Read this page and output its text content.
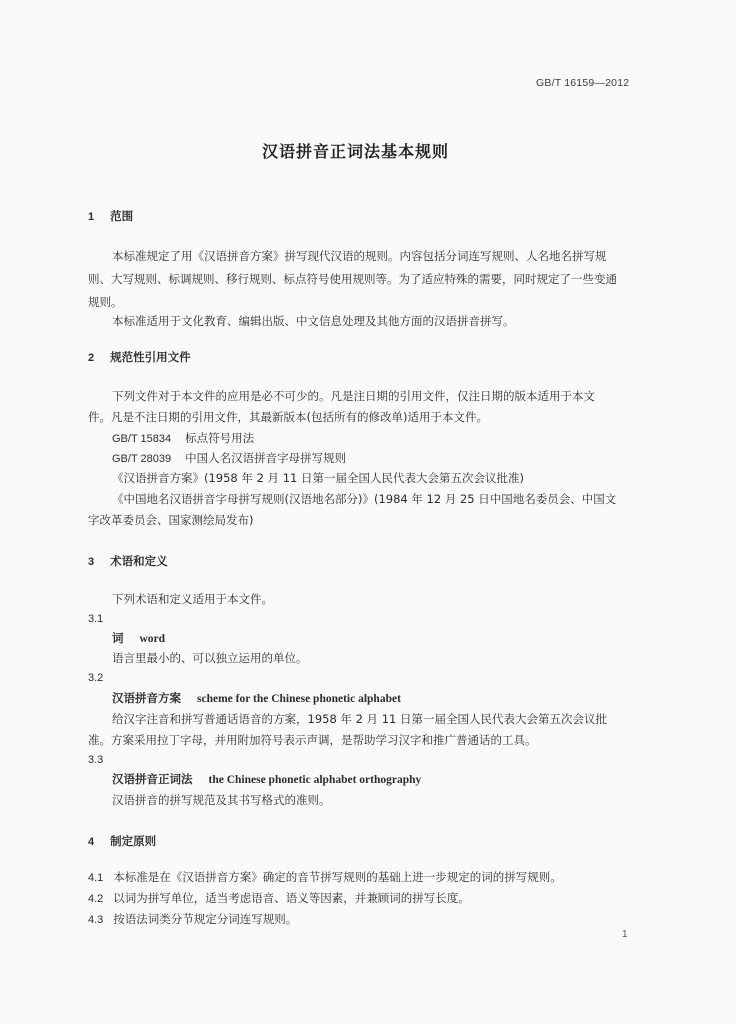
GB/T 16159—2012
汉语拼音正词法基本规则
1 范围
本标准规定了用《汉语拼音方案》拼写现代汉语的规则。内容包括分词连写规则、人名地名拼写规
则、大写规则、标调规则、移行规则、标点符号使用规则等。为了适应特殊的需要，同时规定了一些变通
规则。
本标准适用于文化教育、编辑出版、中文信息处理及其他方面的汉语拼音拼写。
2 规范性引用文件
下列文件对于本文件的应用是必不可少的。凡是注日期的引用文件，仅注日期的版本适用于本文
件。凡是不注日期的引用文件，其最新版本(包括所有的修改单)适用于本文件。
GB/T 15834 标点符号用法
GB/T 28039 中国人名汉语拼音字母拼写规则
《汉语拼音方案》(1958 年 2 月 11 日第一届全国人民代表大会第五次会议批准)
《中国地名汉语拼音字母拼写规则(汉语地名部分)》(1984 年 12 月 25 日中国地名委员会、中国文
字改革委员会、国家测绘局发布)
3 术语和定义
下列术语和定义适用于本文件。
3.1
词 word
语言里最小的、可以独立运用的单位。
3.2
汉语拼音方案 scheme for the Chinese phonetic alphabet
给汉字注音和拼写普通话语音的方案，1958 年 2 月 11 日第一届全国人民代表大会第五次会议批
准。方案采用拉丁字母，并用附加符号表示声调，是帮助学习汉字和推广普通话的工具。
3.3
汉语拼音正词法 the Chinese phonetic alphabet orthography
汉语拼音的拼写规范及其书写格式的准则。
4 制定原则
4.1 本标准是在《汉语拼音方案》确定的音节拼写规则的基础上进一步规定的词的拼写规则。
4.2 以词为拼写单位，适当考虑语音、语义等因素，并兼顾词的拼写长度。
4.3 按语法词类分节规定分词连写规则。
1
